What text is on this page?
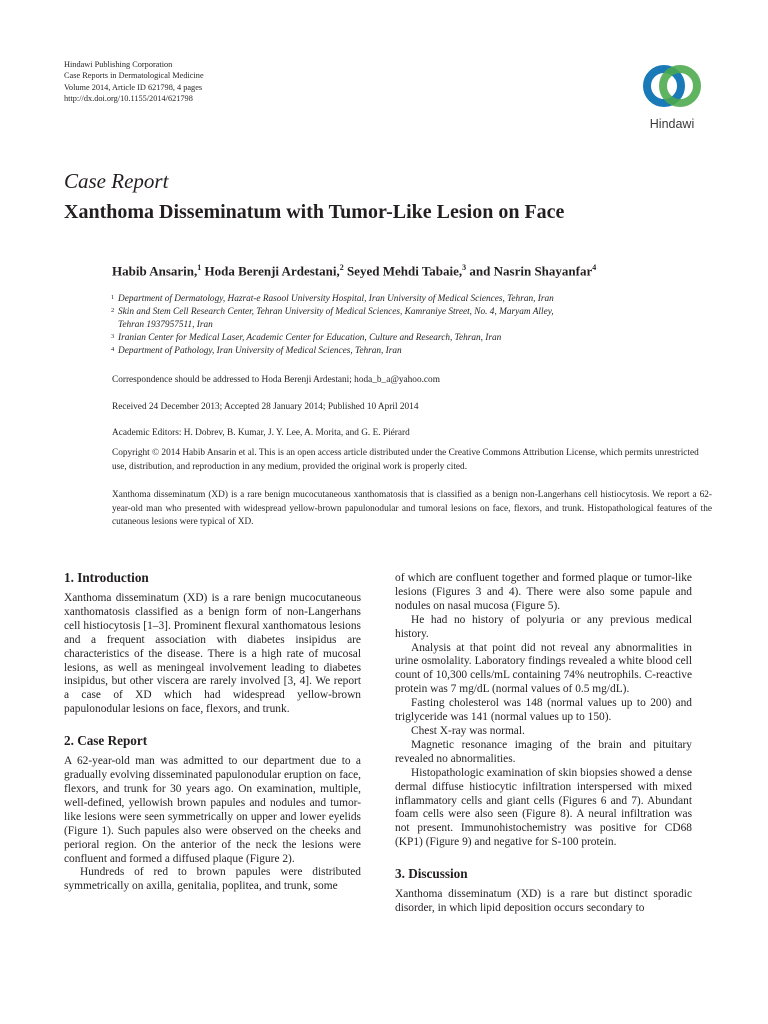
Hindawi Publishing Corporation
Case Reports in Dermatological Medicine
Volume 2014, Article ID 621798, 4 pages
http://dx.doi.org/10.1155/2014/621798
Hindawi
Case Report
Xanthoma Disseminatum with Tumor-Like Lesion on Face
Habib Ansarin,$^1$ Hoda Berenji Ardestani,$^2$ Seyed Mehdi Tabaie,$^3$ and Nasrin Shayanfar$^4$
1 Department of Dermatology, Hazrat-e Rasool University Hospital, Iran University of Medical Sciences, Tehran, Iran
2 Skin and Stem Cell Research Center, Tehran University of Medical Sciences, Kamraniye Street, No. 4, Maryam Alley,
Tehran 1937957511, Iran
3 Iranian Center for Medical Laser, Academic Center for Education, Culture and Research, Tehran, Iran
4 Department of Pathology, Iran University of Medical Sciences, Tehran, Iran
Correspondence should be addressed to Hoda Berenji Ardestani; hoda_b_a@yahoo.com
Received 24 December 2013; Accepted 28 January 2014; Published 10 April 2014
Academic Editors: H. Dobrev, B. Kumar, J. Y. Lee, A. Morita, and G. E. Piérard
Copyright © 2014 Habib Ansarin et al. This is an open access article distributed under the Creative Commons Attribution License, which permits unrestricted use, distribution, and reproduction in any medium, provided the original work is properly cited.
Xanthoma disseminatum (XD) is a rare benign mucocutaneous xanthomatosis that is classified as a benign non-Langerhans cell histiocytosis. We report a 62-year-old man who presented with widespread yellow-brown papulonodular and tumoral lesions on face, flexors, and trunk. Histopathological features of the cutaneous lesions were typical of XD.
1. Introduction

Xanthoma disseminatum (XD) is a rare benign mucocutaneous xanthomatosis classified as a benign form of non-Langerhans cell histiocytosis [1–3]. Prominent flexural xanthomatous lesions and a frequent association with diabetes insipidus are characteristics of the disease. There is a high rate of mucosal lesions, as well as meningeal involvement leading to diabetes insipidus, but other viscera are rarely involved [3, 4]. We report a case of XD which had widespread yellow-brown papulonodular lesions on face, flexors, and trunk.

2. Case Report

A 62-year-old man was admitted to our department due to a gradually evolving disseminated papulonodular eruption on face, flexors, and trunk for 30 years ago. On examination, multiple, well-defined, yellowish brown papules and nodules and tumor-like lesions were seen symmetrically on upper and lower eyelids (Figure 1). Such papules also were observed on the cheeks and perioral region. On the anterior of the neck the lesions were confluent and formed a diffused plaque (Figure 2).

Hundreds of red to brown papules were distributed symmetrically on axilla, genitalia, poplitea, and trunk, some

of which are confluent together and formed plaque or tumor-like lesions (Figures 3 and 4). There were also some papule and nodules on nasal mucosa (Figure 5).

He had no history of polyuria or any previous medical history.

Analysis at that point did not reveal any abnormalities in urine osmolality. Laboratory findings revealed a white blood cell count of 10,300 cells/mL containing 74% neutrophils. C-reactive protein was 7 mg/dL (normal values of 0.5 mg/dL).

Fasting cholesterol was 148 (normal values up to 200) and triglyceride was 141 (normal values up to 150).

Chest X-ray was normal.

Magnetic resonance imaging of the brain and pituitary revealed no abnormalities.

Histopathologic examination of skin biopsies showed a dense dermal diffuse histiocytic infiltration interspersed with mixed inflammatory cells and giant cells (Figures 6 and 7). Abundant foam cells were also seen (Figure 8). A neural infiltration was not present. Immunohistochemistry was positive for CD68 (KP1) (Figure 9) and negative for S-100 protein.

3. Discussion

Xanthoma disseminatum (XD) is a rare but distinct sporadic disorder, in which lipid deposition occurs secondary to
